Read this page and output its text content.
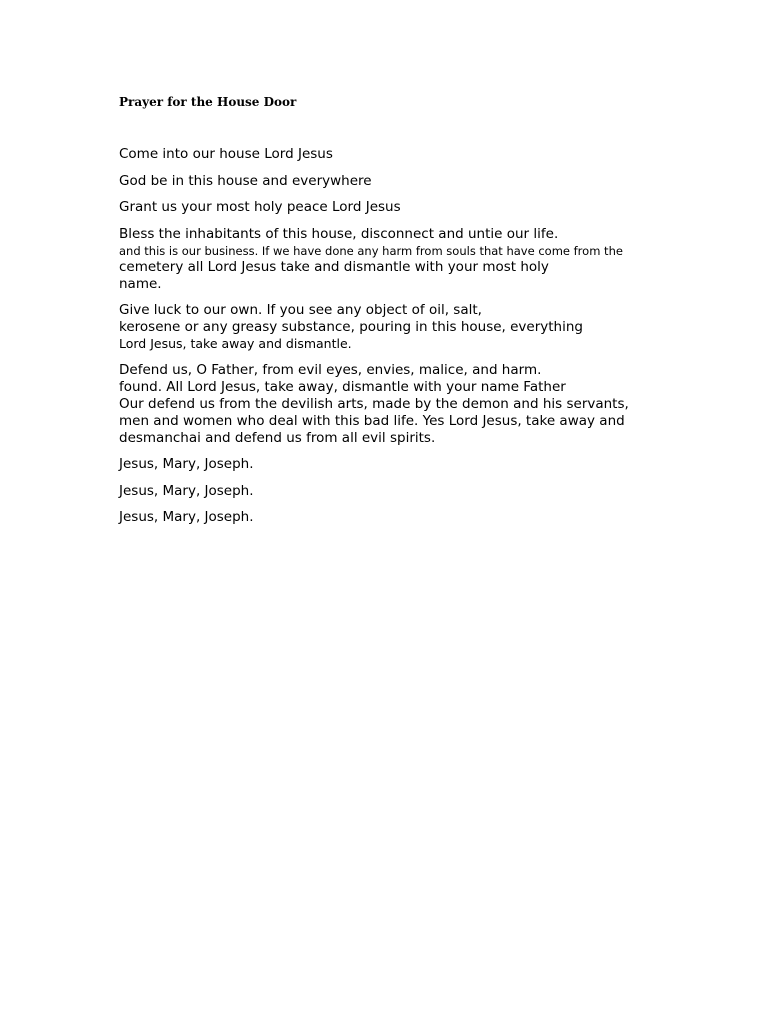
Prayer for the House Door

Come into our house Lord Jesus

God be in this house and everywhere

Grant us your most holy peace Lord Jesus

Bless the inhabitants of this house, disconnect and untie our life.
and this is our business. If we have done any harm from souls that have come from the
cemetery all Lord Jesus take and dismantle with your most holy
name.

Give luck to our own. If you see any object of oil, salt,
kerosene or any greasy substance, pouring in this house, everything
Lord Jesus, take away and dismantle.

Defend us, O Father, from evil eyes, envies, malice, and harm.
found. All Lord Jesus, take away, dismantle with your name Father
Our defend us from the devilish arts, made by the demon and his servants,
men and women who deal with this bad life. Yes Lord Jesus, take away and
desmanchai and defend us from all evil spirits.

Jesus, Mary, Joseph.

Jesus, Mary, Joseph.

Jesus, Mary, Joseph.
